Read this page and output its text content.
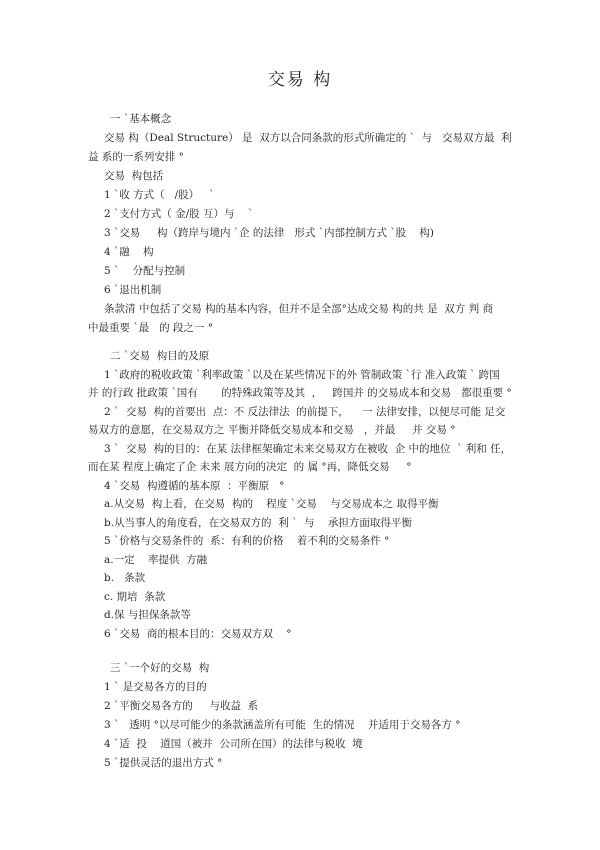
交易 构
一 `基本概念
交易 构（Deal Structure） 是  双方以合同条款的形式所确定的 `  与   交易双方最  利
益 系的一系列安排 °
交易  构包括
1 `收 方式（   /股）   `
2 `支付方式（ 金/股 互）与    `
3 `交易     构（跨岸与境内 `企 的法律   形式 `内部控制方式 `股    构)
4 `融    构
5 `    分配与控制
6 `退出机制
条款清 中包括了交易 构的基本内容，但并不是全部°达成交易 构的共 是  双方 判 商
中最重要 `最   的 段之一 °
二 `交易  构目的及原
1 `政府的税收政策 `利率政策 `以及在某些情况下的外 管制政策 `行 准入政策 ` 跨国
并 的行政 批政策 `国有       的特殊政策等及其  ，   跨国并 的交易成本和交易   都很重要 °
2 `  交易  构的首要出  点：不 反法律法  的前提下，    一 法律安排，以便尽可能 足交
易双方的意愿，在交易双方之 平衡并降低交易成本和交易   ，并最     并 交易 °
3 `  交易  构的目的：在某 法律框架确定未来交易双方在被收  企 中的地位  ` 利和 任，
而在某 程度上确定了企 未来 展方向的决定  的 属 °再，降低交易     °
4 `交易  构遵循的基本原  ：平衡原   °
a.从交易  构上看，在交易  构的    程度 `交易    与交易成本之 取得平衡
b.从当事人的角度看，在交易双方的  利 `  与    承担方面取得平衡
5 `价格与交易条件的  系：有利的价格    着不利的交易条件 °
a.一定    率提供  方融
b.   条款
c. 期培  条款
d.保 与担保条款等
6 `交易  商的根本目的：交易双方双    °
三 `一个好的交易  构
1 ` 是交易各方的目的
2 `平衡交易各方的     与收益  系
3 `   透明 °以尽可能少的条款涵盖所有可能  生的情况    并适用于交易各方 °
4 `适  投    道国（被并  公司所在国）的法律与税收  境
5 `提供灵活的退出方式 °
